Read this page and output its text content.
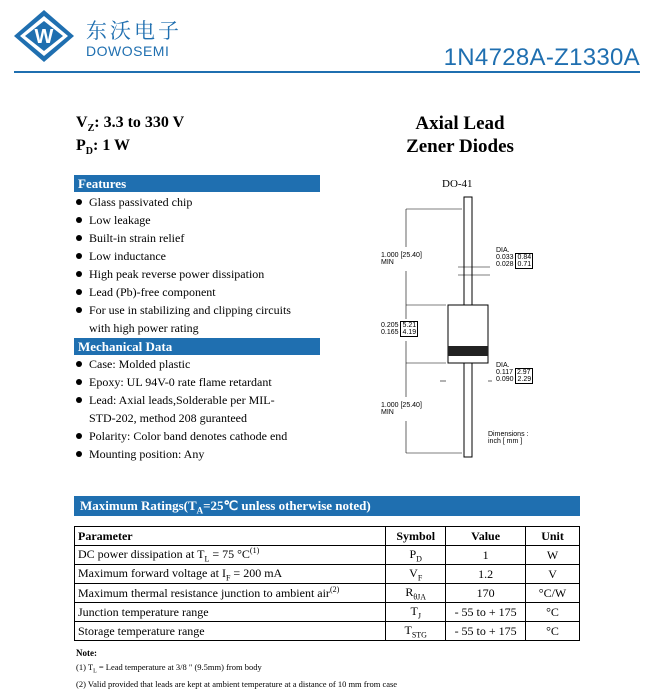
W 东沃电子
DOWOSEMI	1N4728A-Z1330A
$V_Z$: 3.3 to 330 V
$P_D$: 1 W
Axial Lead
Zener Diodes
Features
Glass passivated chip
Low leakage
Built-in strain relief
Low inductance
High peak reverse power dissipation
Lead (Pb)-free component
For use in stabilizing and clipping circuits
with high power rating
Mechanical Data
Case: Molded plastic
Epoxy: UL 94V-0 rate flame retardant
Lead: Axial leads,Solderable per MIL-
STD-202, method 208 guranteed
Polarity: Color band denotes cathode end
Mounting position: Any
DO-41
1.000 [25.40]
MIN
0.205 5.21
0.165 4.19
1.000 [25.40]
MIN
DIA.
0.033 0.84
0.028 0.71
DIA.
0.117 2.97
0.090 2.29
Dimensions :
inch [ mm ]
Maximum $Ratings(T_A=25℃$ unless otherwise noted)
Parameter	Symbol	Value	Unit
DC power dissipation at $T_L = 75$ $^\circ C^{(1)}$	$P_D$	1	W
Maximum forward voltage at $I_F = 200$ mA	$V_F$	1.2	V
Maximum thermal resistance junction to ambient air$^{(2)}$	$R_{\theta JA}$	170	°C/W
Junction temperature range	$T_J$	- 55 to + 175	°C
Storage temperature range	$T_{STG}$	- 55 to + 175	°C
Note:
(1) $T_L$ = Lead temperature at 3/8 " (9.5mm) from body
(2) Valid provided that leads are kept at ambient temperature at a distance of 10 mm from case
